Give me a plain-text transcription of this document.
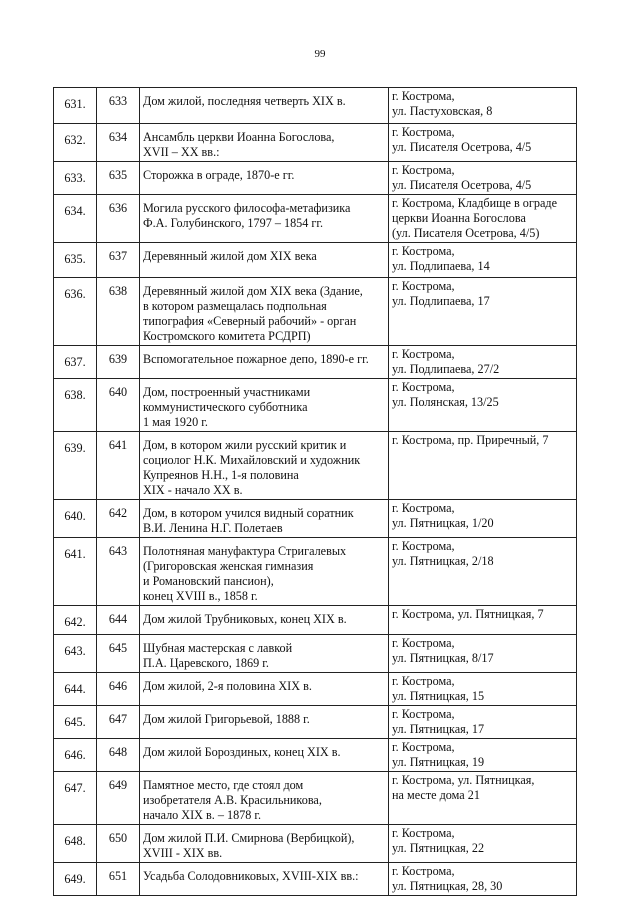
99
631.	633	Дом жилой, последняя четверть XIX в.	г. Кострома,
ул. Пастуховская, 8

632.	634	Ансамбль церкви Иоанна Богослова,
XVII – XX вв.:	г. Кострома,
ул. Писателя Осетрова, 4/5

633.	635	Сторожка в ограде, 1870-е гг.	г. Кострома,
ул. Писателя Осетрова, 4/5

634.	636	Могила русского философа-метафизика
Ф.А. Голубинского, 1797 – 1854 гг.	г. Кострома, Кладбище в ограде
церкви Иоанна Богослова
(ул. Писателя Осетрова, 4/5)

635.	637	Деревянный жилой дом XIX века	г. Кострома,
ул. Подлипаева, 14

636.	638	Деревянный жилой дом XIX века (Здание,
в котором размещалась подпольная
типография «Северный рабочий» - орган
Костромского комитета РСДРП)	г. Кострома,
ул. Подлипаева, 17

637.	639	Вспомогательное пожарное депо, 1890-е гг.	г. Кострома,
ул. Подлипаева, 27/2

638.	640	Дом, построенный участниками
коммунистического субботника
1 мая 1920 г.	г. Кострома,
ул. Полянская, 13/25

639.	641	Дом, в котором жили русский критик и
социолог Н.К. Михайловский и художник
Купреянов Н.Н., 1-я половина
XIX - начало XX в.	г. Кострома, пр. Приречный, 7

640.	642	Дом, в котором учился видный соратник
В.И. Ленина Н.Г. Полетаев	г. Кострома,
ул. Пятницкая, 1/20

641.	643	Полотняная мануфактура Стригалевых
(Григоровская женская гимназия
и Романовский пансион),
конец XVIII в., 1858 г.	г. Кострома,
ул. Пятницкая, 2/18

642.	644	Дом жилой Трубниковых, конец XIX в.	г. Кострома, ул. Пятницкая, 7

643.	645	Шубная мастерская с лавкой
П.А. Царевского, 1869 г.	г. Кострома,
ул. Пятницкая, 8/17

644.	646	Дом жилой, 2-я половина XIX в.	г. Кострома,
ул. Пятницкая, 15

645.	647	Дом жилой Григорьевой, 1888 г.	г. Кострома,
ул. Пятницкая, 17

646.	648	Дом жилой Бороздиных, конец XIX в.	г. Кострома,
ул. Пятницкая, 19

647.	649	Памятное место, где стоял дом
изобретателя А.В. Красильникова,
начало XIX в. – 1878 г.	г. Кострома, ул. Пятницкая,
на месте дома 21

648.	650	Дом жилой П.И. Смирнова (Вербицкой),
XVIII - XIX вв.	г. Кострома,
ул. Пятницкая, 22

649.	651	Усадьба Солодовниковых, XVIII-XIX вв.:	г. Кострома,
ул. Пятницкая, 28, 30
